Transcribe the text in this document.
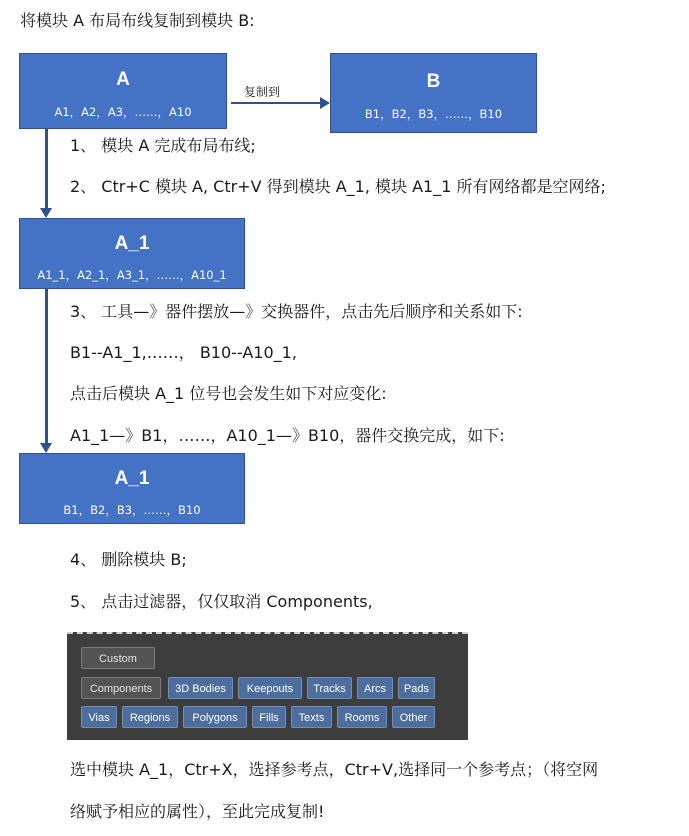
将模块 A 布局布线复制到模块 B:
A
A1，A2，A3，……，A10
复制到	B
B1，B2，B3，……，B10
1、 模块 A 完成布局布线;
2、 Ctr+C 模块 A, Ctr+V 得到模块 A_1, 模块 A1_1 所有网络都是空网络;
A_1
A1_1，A2_1，A3_1，……，A10_1
3、 工具—》器件摆放—》交换器件，点击先后顺序和关系如下:
B1--A1_1,……， B10--A10_1,
点击后模块 A_1 位号也会发生如下对应变化:
A1_1—》B1，……，A10_1—》B10，器件交换完成，如下:
A_1
B1，B2，B3，……，B10
4、 删除模块 B;
5、 点击过滤器，仅仅取消 Components,
Custom
Components	3D Bodies	Keepouts	Tracks	Arcs	Pads
Vias	Regions	Polygons	Fills	Texts	Rooms	Other
选中模块 A_1，Ctr+X，选择参考点，Ctr+V,选择同一个参考点；（将空网
络赋予相应的属性），至此完成复制!
